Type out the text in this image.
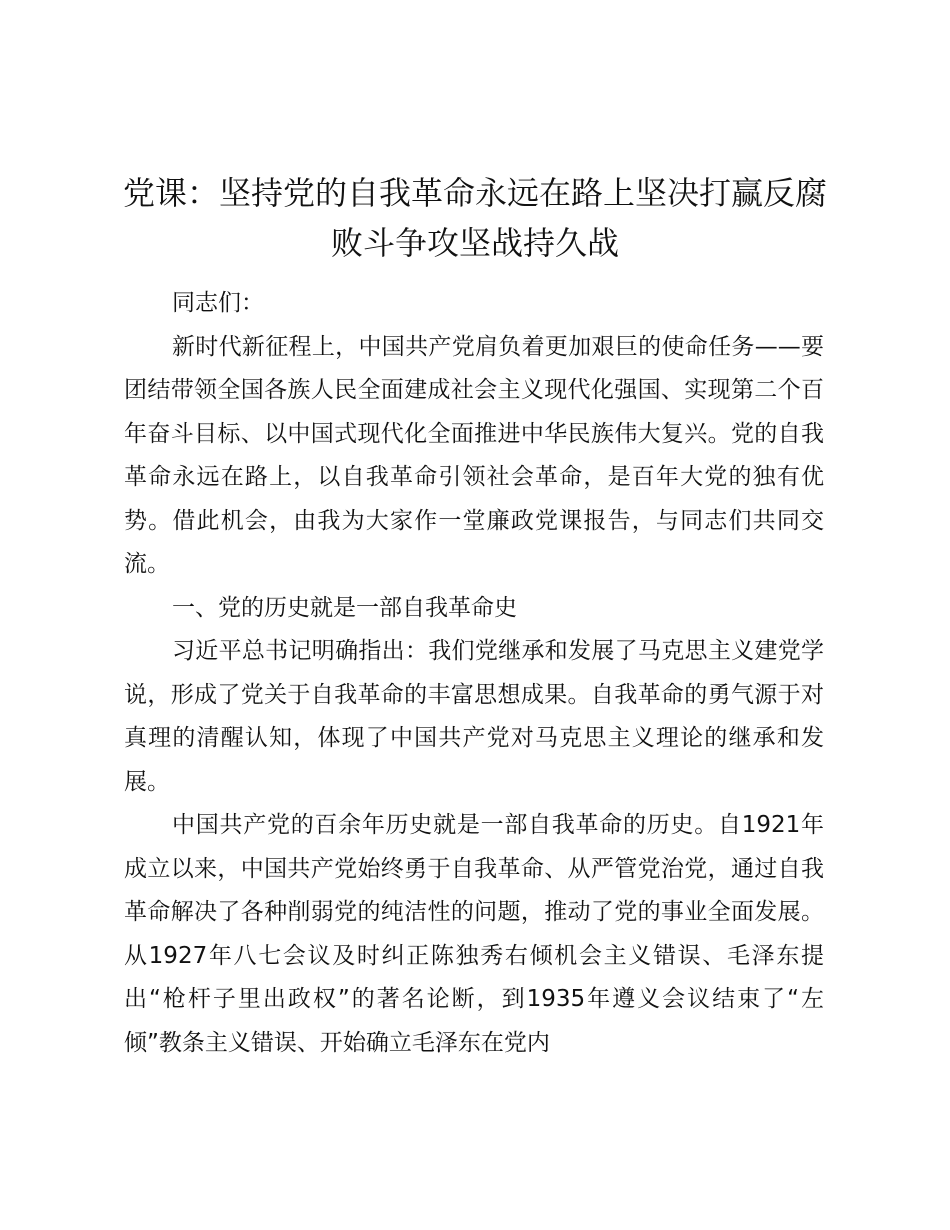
党课：坚持党的自我革命永远在路上坚决打赢反腐败斗争攻坚战持久战

同志们：

新时代新征程上，中国共产党肩负着更加艰巨的使命任务——要团结带领全国各族人民全面建成社会主义现代化强国、实现第二个百年奋斗目标、以中国式现代化全面推进中华民族伟大复兴。党的自我革命永远在路上，以自我革命引领社会革命，是百年大党的独有优势。借此机会，由我为大家作一堂廉政党课报告，与同志们共同交流。

一、党的历史就是一部自我革命史

习近平总书记明确指出：我们党继承和发展了马克思主义建党学说，形成了党关于自我革命的丰富思想成果。自我革命的勇气源于对真理的清醒认知，体现了中国共产党对马克思主义理论的继承和发展。

中国共产党的百余年历史就是一部自我革命的历史。自1921年成立以来，中国共产党始终勇于自我革命、从严管党治党，通过自我革命解决了各种削弱党的纯洁性的问题，推动了党的事业全面发展。从1927年八七会议及时纠正陈独秀右倾机会主义错误、毛泽东提出“枪杆子里出政权”的著名论断，到1935年遵义会议结束了“左倾”教条主义错误、开始确立毛泽东在党内
